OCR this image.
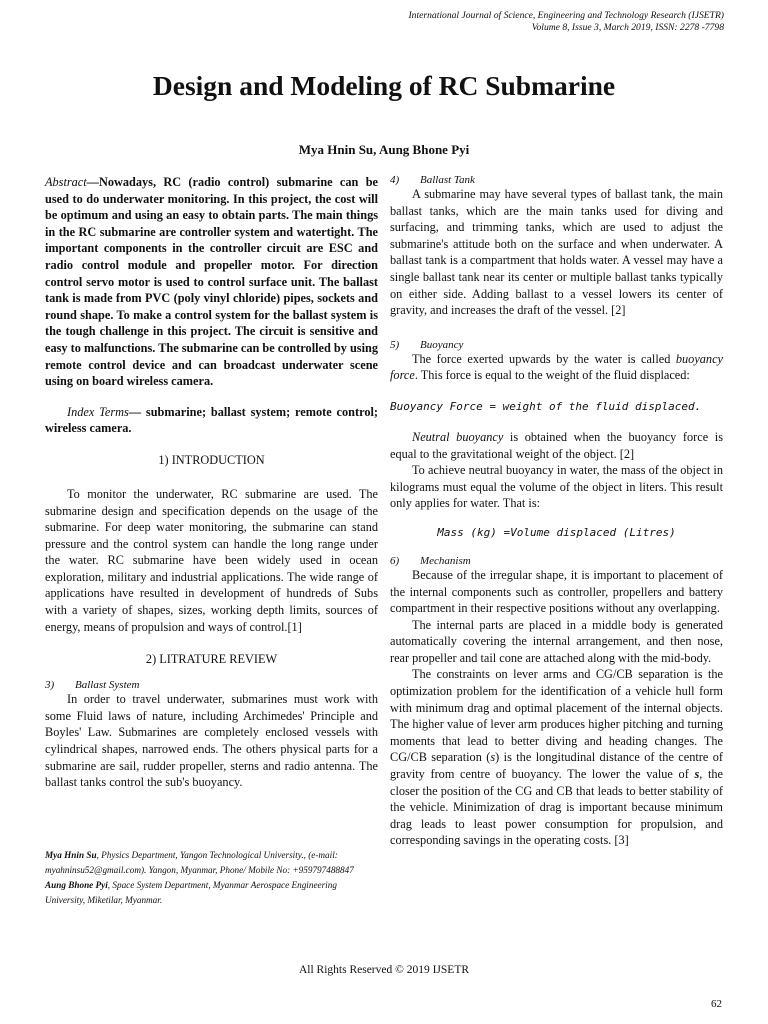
International Journal of Science, Engineering and Technology Research (IJSETR)
Volume 8, Issue 3, March 2019, ISSN: 2278 -7798
Design and Modeling of RC Submarine
Mya Hnin Su, Aung Bhone Pyi

Abstract—Nowadays, RC (radio control) submarine can be used to do underwater monitoring. In this project, the cost will be optimum and using an easy to obtain parts. The main things in the RC submarine are controller system and watertight. The important components in the controller circuit are ESC and radio control module and propeller motor. For direction control servo motor is used to control surface unit. The ballast tank is made from PVC (poly vinyl chloride) pipes, sockets and round shape. To make a control system for the ballast system is the tough challenge in this project. The circuit is sensitive and easy to malfunctions. The submarine can be controlled by using remote control device and can broadcast underwater scene using on board wireless camera.

Index Terms— submarine; ballast system; remote control; wireless camera.

1) INTRODUCTION

To monitor the underwater, RC submarine are used. The submarine design and specification depends on the usage of the submarine. For deep water monitoring, the submarine can stand pressure and the control system can handle the long range under the water. RC submarine have been widely used in ocean exploration, military and industrial applications. The wide range of applications have resulted in development of hundreds of Subs with a variety of shapes, sizes, working depth limits, sources of energy, means of propulsion and ways of control.[1]

2) LITRATURE REVIEW

3) Ballast System

In order to travel underwater, submarines must work with some Fluid laws of nature, including Archimedes' Principle and Boyles' Law. Submarines are completely enclosed vessels with cylindrical shapes, narrowed ends. The others physical parts for a submarine are sail, rudder propeller, sterns and radio antenna. The ballast tanks control the sub's buoyancy.

Mya Hnin Su, Physics Department, Yangon Technological University., (e-mail: myahninsu52@gmail.com). Yangon, Myanmar, Phone/ Mobile No: +959797488847
Aung Bhone Pyi, Space System Department, Myanmar Aerospace Engineering University, Miketilar, Myanmar.

4) Ballast Tank

A submarine may have several types of ballast tank, the main ballast tanks, which are the main tanks used for diving and surfacing, and trimming tanks, which are used to adjust the submarine's attitude both on the surface and when underwater. A ballast tank is a compartment that holds water. A vessel may have a single ballast tank near its center or multiple ballast tanks typically on either side. Adding ballast to a vessel lowers its center of gravity, and increases the draft of the vessel. [2]

5) Buoyancy

The force exerted upwards by the water is called buoyancy force. This force is equal to the weight of the fluid displaced:

Buoyancy Force = weight of the fluid displaced.

Neutral buoyancy is obtained when the buoyancy force is equal to the gravitational weight of the object. [2]

To achieve neutral buoyancy in water, the mass of the object in kilograms must equal the volume of the object in liters. This result only applies for water. That is:

Mass (kg) =Volume displaced (Litres)

6) Mechanism

Because of the irregular shape, it is important to placement of the internal components such as controller, propellers and battery compartment in their respective positions without any overlapping.

The internal parts are placed in a middle body is generated automatically covering the internal arrangement, and then nose, rear propeller and tail cone are attached along with the mid-body.

The constraints on lever arms and CG/CB separation is the optimization problem for the identification of a vehicle hull form with minimum drag and optimal placement of the internal objects. The higher value of lever arm produces higher pitching and turning moments that lead to better diving and heading changes. The CG/CB separation (s) is the longitudinal distance of the centre of gravity from centre of buoyancy. The lower the value of s, the closer the position of the CG and CB that leads to better stability of the vehicle. Minimization of drag is important because minimum drag leads to least power consumption for propulsion, and corresponding savings in the operating costs. [3]

All Rights Reserved © 2019 IJSETR
62
